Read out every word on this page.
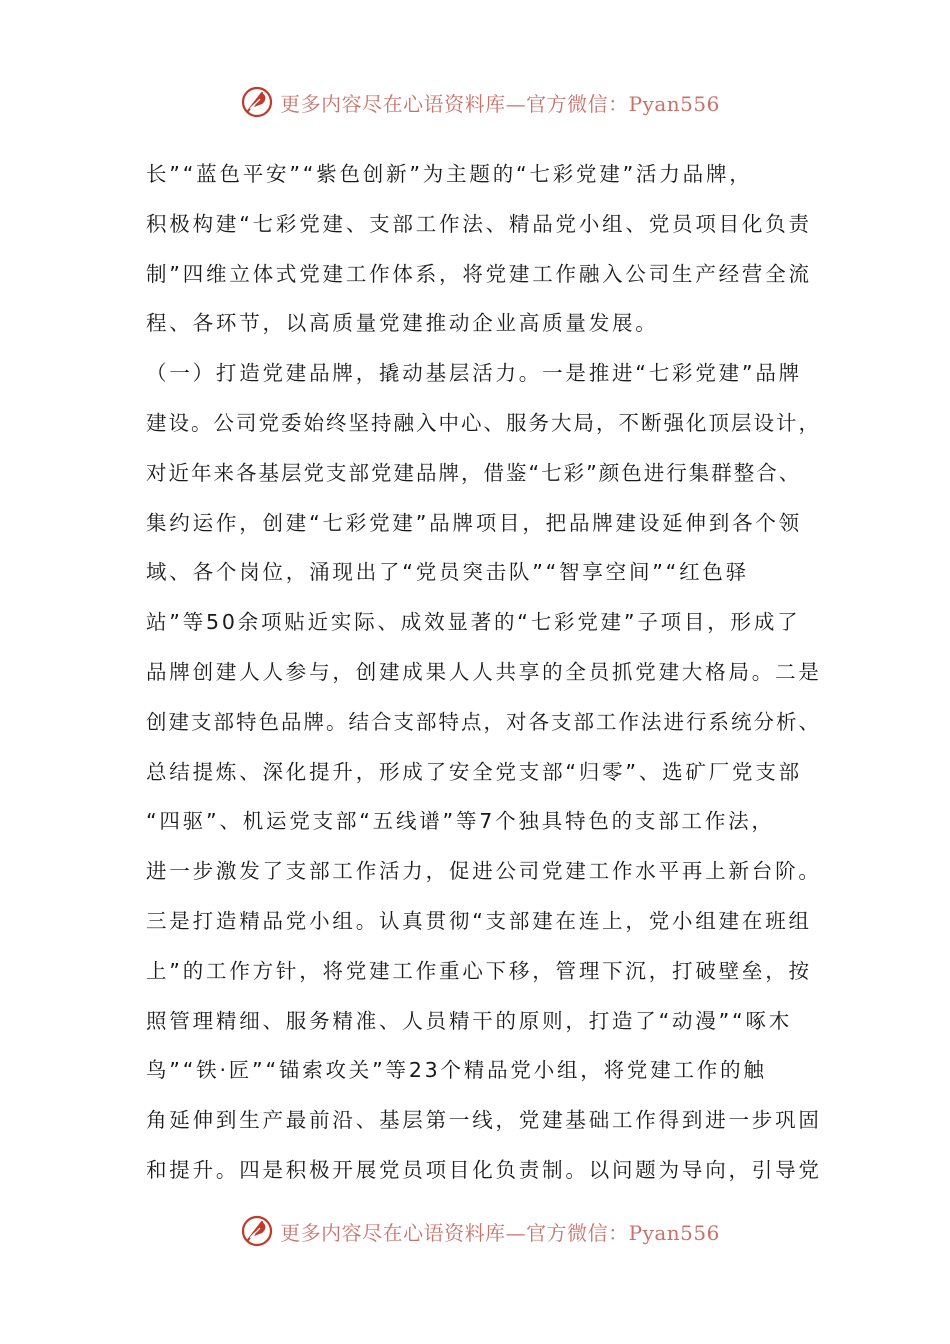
更多内容尽在心语资料库—官方微信：Pyan556
长”“蓝色平安”“紫色创新”为主题的“七彩党建”活力品牌，
积极构建“七彩党建、支部工作法、精品党小组、党员项目化负责
制”四维立体式党建工作体系，将党建工作融入公司生产经营全流
程、各环节，以高质量党建推动企业高质量发展。
（一）打造党建品牌，撬动基层活力。一是推进“七彩党建”品牌
建设。公司党委始终坚持融入中心、服务大局，不断强化顶层设计，
对近年来各基层党支部党建品牌，借鉴“七彩”颜色进行集群整合、
集约运作，创建“七彩党建”品牌项目，把品牌建设延伸到各个领
域、各个岗位，涌现出了“党员突击队”“智享空间”“红色驿
站”等50余项贴近实际、成效显著的“七彩党建”子项目，形成了
品牌创建人人参与，创建成果人人共享的全员抓党建大格局。二是
创建支部特色品牌。结合支部特点，对各支部工作法进行系统分析、
总结提炼、深化提升，形成了安全党支部“归零”、选矿厂党支部
“四驱”、机运党支部“五线谱”等7个独具特色的支部工作法，
进一步激发了支部工作活力，促进公司党建工作水平再上新台阶。
三是打造精品党小组。认真贯彻“支部建在连上，党小组建在班组
上”的工作方针，将党建工作重心下移，管理下沉，打破壁垒，按
照管理精细、服务精准、人员精干的原则，打造了“动漫”“啄木
鸟”“铁·匠”“锚索攻关”等23个精品党小组，将党建工作的触
角延伸到生产最前沿、基层第一线，党建基础工作得到进一步巩固
和提升。四是积极开展党员项目化负责制。以问题为导向，引导党
更多内容尽在心语资料库—官方微信：Pyan556
